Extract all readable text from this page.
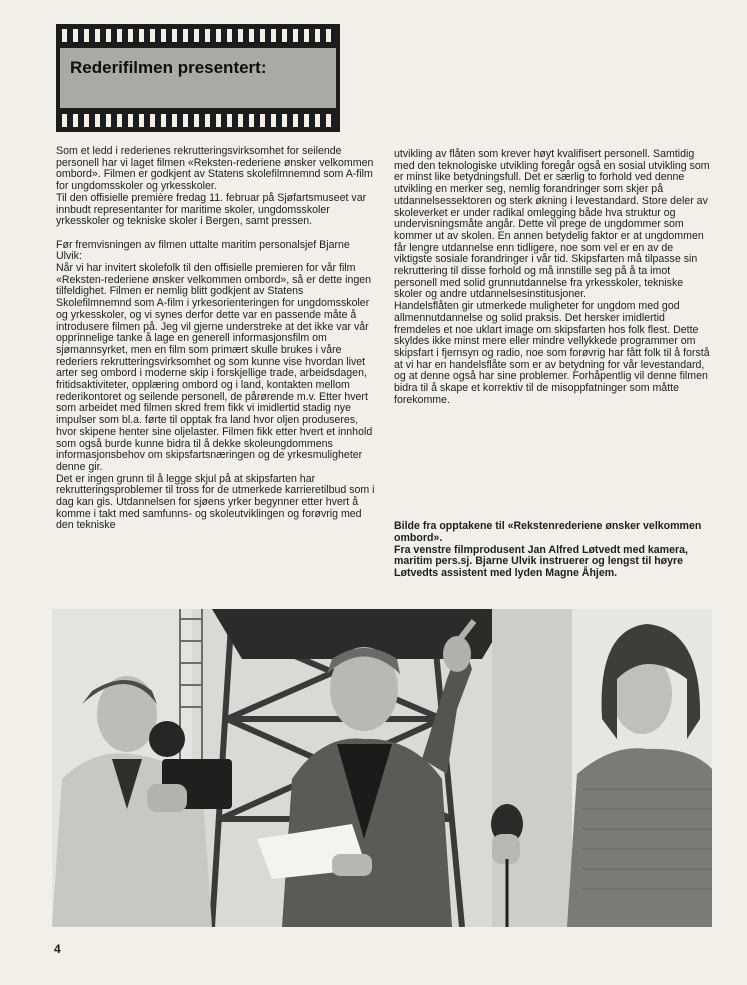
Rederifilmen presentert:

Som et ledd i rederienes rekrutteringsvirksomhet for seilende personell har vi laget filmen «Reksten-rederiene ønsker velkommen ombord». Filmen er godkjent av Statens skolefilmnemnd som A-film for ungdomsskoler og yrkesskoler.
Til den offisielle première fredag 11. februar på Sjøfartsmuseet var innbudt representanter for maritime skoler, ungdomsskoler yrkesskoler og tekniske skoler i Bergen, samt pressen.

Før fremvisningen av filmen uttalte maritim personalsjef Bjarne Ulvik:
Når vi har invitert skolefolk til den offisielle premieren for vår film «Reksten-rederiene ønsker velkommen ombord», så er dette ingen tilfeldighet. Filmen er nemlig blitt godkjent av Statens Skolefilmnemnd som A-film i yrkesorienteringen for ungdomsskoler og yrkesskoler, og vi synes derfor dette var en passende måte å introdusere filmen på. Jeg vil gjerne understreke at det ikke var vår opprinnelige tanke å lage en generell informasjonsfilm om sjømannsyrket, men en film som primært skulle brukes i våre rederiers rekrutteringsvirksomhet og som kunne vise hvordan livet arter seg ombord i moderne skip i forskjellige trade, arbeidsdagen, fritidsaktiviteter, opplæring ombord og i land, kontakten mellom rederikontoret og seilende personell, de pårørende m.v. Etter hvert som arbeidet med filmen skred frem fikk vi imidlertid stadig nye impulser som bl.a. førte til opptak fra land hvor oljen produseres, hvor skipene henter sine oljelaster. Filmen fikk etter hvert et innhold som også burde kunne bidra til å dekke skoleungdommens informasjonsbehov om skipsfartsnæringen og de yrkesmuligheter denne gir.
Det er ingen grunn til å legge skjul på at skipsfarten har rekrutteringsproblemer til tross for de utmerkede karrieretilbud som i dag kan gis. Utdannelsen for sjøens yrker begynner etter hvert å komme i takt med samfunns- og skoleutviklingen og forøvrig med den tekniske

utvikling av flåten som krever høyt kvalifisert personell. Samtidig med den teknologiske utvikling foregår også en sosial utvikling som er minst like betydningsfull. Det er særlig to forhold ved denne utvikling en merker seg, nemlig forandringer som skjer på utdannelsessektoren og sterk økning i levestandard. Store deler av skoleverket er under radikal omlegging både hva struktur og undervisningsmåte angår. Dette vil prege de ungdommer som kommer ut av skolen. En annen betydelig faktor er at ungdommen får lengre utdannelse enn tidligere, noe som vel er en av de viktigste sosiale forandringer i vår tid. Skipsfarten må tilpasse sin rekruttering til disse forhold og må innstille seg på å ta imot personell med solid grunnutdannelse fra yrkesskoler, tekniske skoler og andre utdannelsesinstitusjoner.
Handelsflåten gir utmerkede muligheter for ungdom med god allmennutdannelse og solid praksis. Det hersker imidlertid fremdeles et noe uklart image om skipsfarten hos folk flest. Dette skyldes ikke minst mere eller mindre vellykkede programmer om skipsfart i fjernsyn og radio, noe som forøvrig har fått folk til å forstå at vi har en handelsflåte som er av betydning for vår levestandard, og at denne også har sine problemer. Forhåpentlig vil denne filmen bidra til å skape et korrektiv til de misoppfatninger som måtte forekomme.

Bilde fra opptakene til «Rekstenrederiene ønsker velkommen ombord».

Fra venstre filmprodusent Jan Alfred Løtvedt med kamera, maritim pers.sj. Bjarne Ulvik instruerer og lengst til høyre Løtvedts assistent med lyden Magne Åhjem.

4
